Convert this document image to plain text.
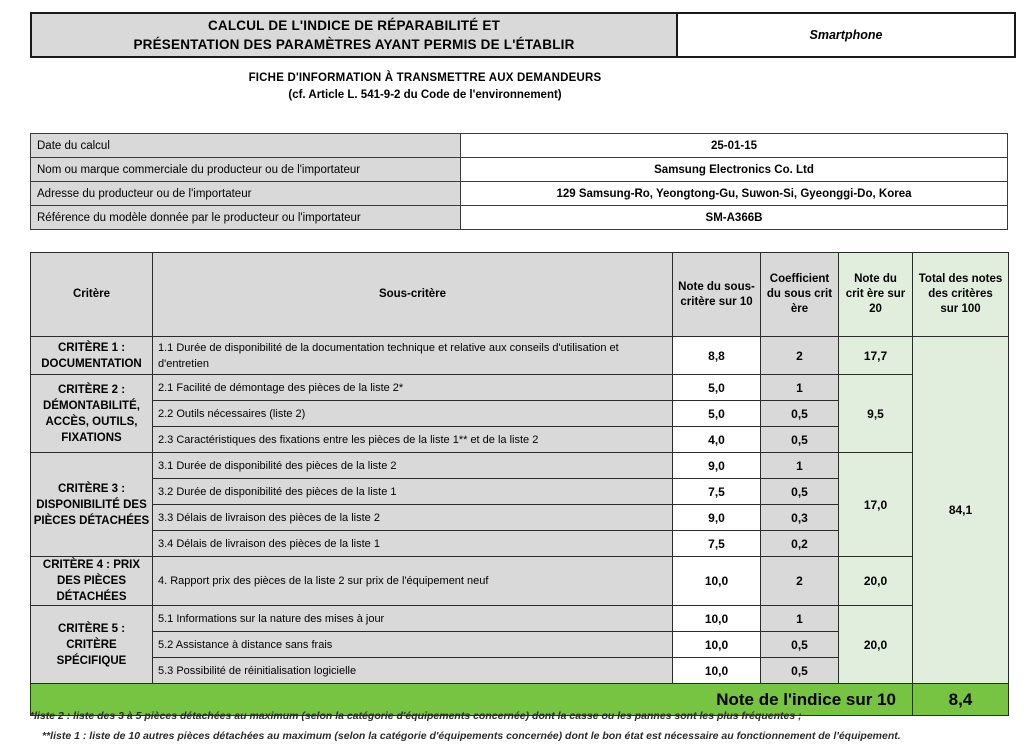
CALCUL DE L'INDICE DE RÉPARABILITÉ ET
PRÉSENTATION DES PARAMÈTRES AYANT PERMIS DE L'ÉTABLIR
Smartphone
FICHE D'INFORMATION À TRANSMETTRE AUX DEMANDEURS
(cf. Article L. 541-9-2 du Code de l'environnement)
Date du calcul	25-01-15
Nom ou marque commerciale du producteur ou de l'importateur	Samsung Electronics Co. Ltd
Adresse du producteur ou de l'importateur	129 Samsung-Ro, Yeongtong-Gu, Suwon-Si, Gyeonggi-Do, Korea
Référence du modèle donnée par le producteur ou l'importateur	SM-A366B
Critère	Sous-critère	Note du sous-critère sur 10	Coefficient du sous crit ère	Note du crit ère sur 20	Total des notes des critères sur 100

CRITÈRE 1 : DOCUMENTATION	1.1 Durée de disponibilité de la documentation technique et relative aux conseils d'utilisation et d'entretien	8,8	2	17,7	84,1

CRITÈRE 2 : DÉMONTABILITÉ, ACCÈS, OUTILS, FIXATIONS	2.1 Facilité de démontage des pièces de la liste 2*	5,0	1	9,5	
	2.2 Outils nécessaires (liste 2)	5,0	0,5		
	2.3 Caractéristiques des fixations entre les pièces de la liste 1** et de la liste 2	4,0	0,5		

CRITÈRE 3 : DISPONIBILITÉ DES PIÈCES DÉTACHÉES	3.1 Durée de disponibilité des pièces de la liste 2	9,0	1	17,0	
	3.2 Durée de disponibilité des pièces de la liste 1	7,5	0,5		
	3.3 Délais de livraison des pièces de la liste 2	9,0	0,3		
	3.4 Délais de livraison des pièces de la liste 1	7,5	0,2		

CRITÈRE 4 : PRIX DES PIÈCES DÉTACHÉES	4. Rapport prix des pièces de la liste 2 sur prix de l'équipement neuf	10,0	2	20,0	

CRITÈRE 5 : CRITÈRE SPÉCIFIQUE	5.1 Informations sur la nature des mises à jour	10,0	1	20,0	
	5.2 Assistance à distance sans frais	10,0	0,5		
	5.3 Possibilité de réinitialisation logicielle	10,0	0,5		
Note de l'indice sur 10					8,4
*liste 2 : liste des 3 à 5 pièces détachées au maximum (selon la catégorie d'équipements concernée) dont la casse ou les pannes sont les plus fréquentes ;
**liste 1 : liste de 10 autres pièces détachées au maximum (selon la catégorie d'équipements concernée) dont le bon état est nécessaire au fonctionnement de l'équipement.
